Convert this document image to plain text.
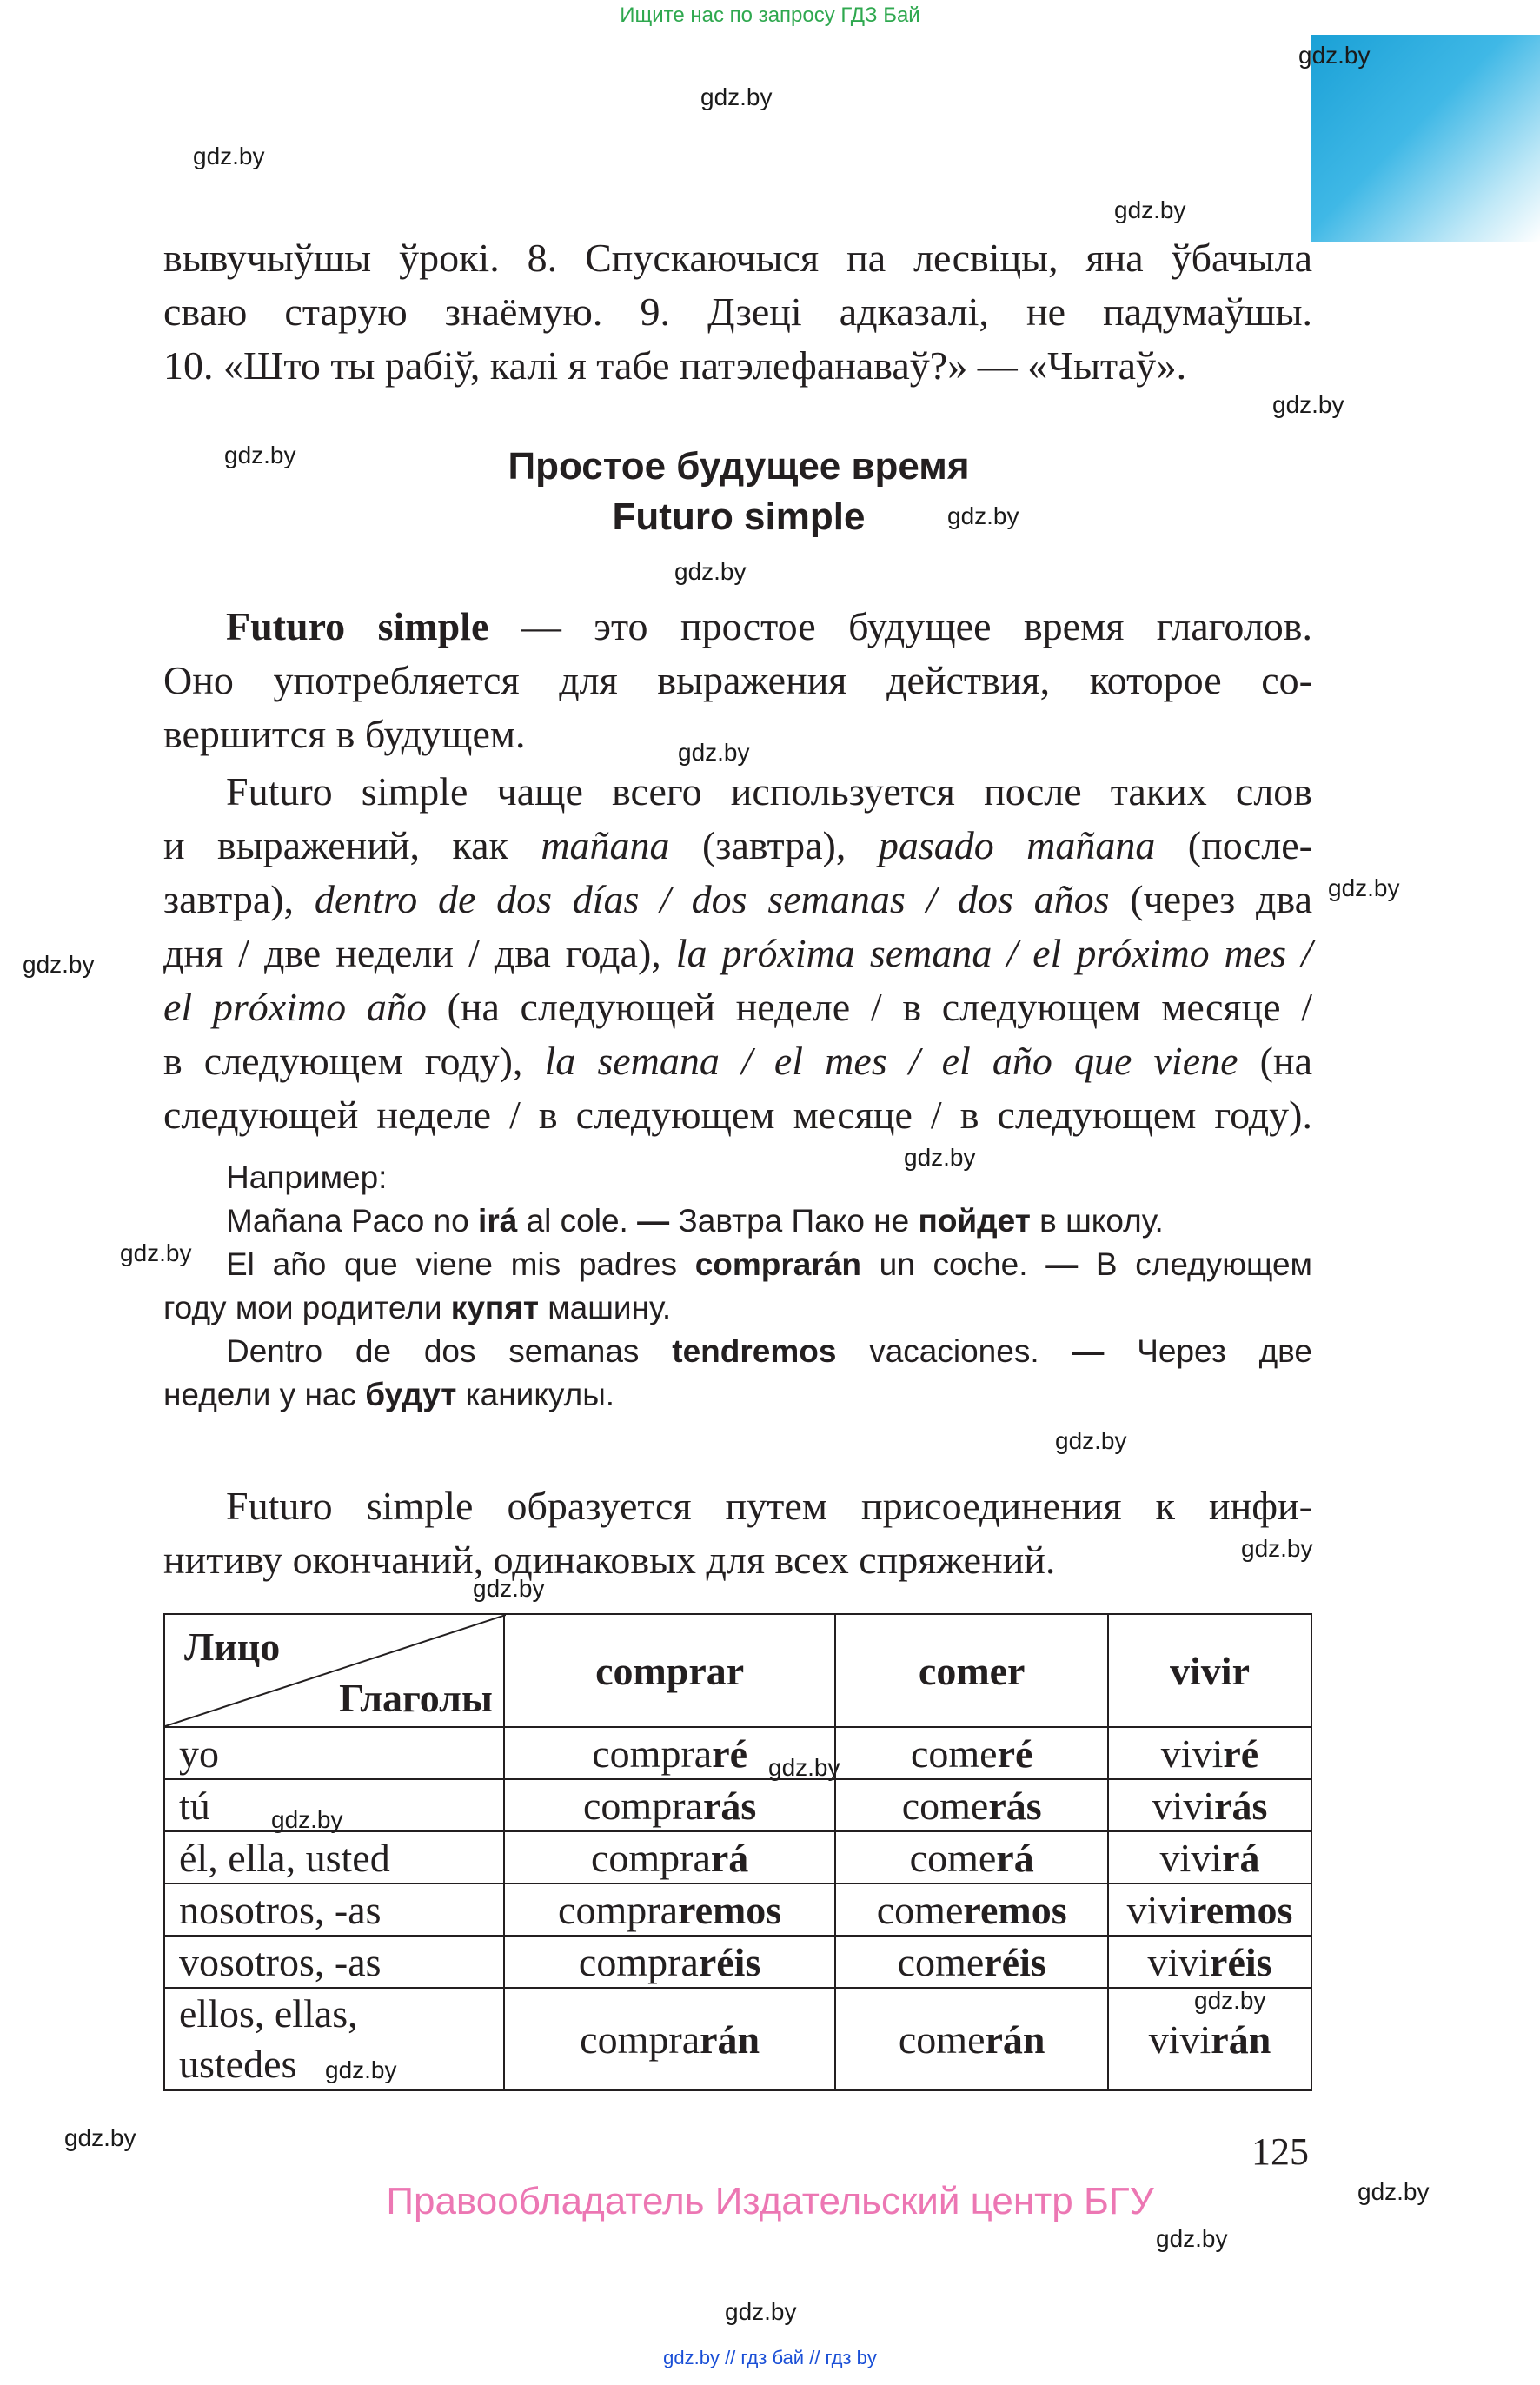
Ищите нас по запросу ГДЗ Бай
gdz.by
gdz.by
gdz.by
gdz.by
gdz.by
gdz.by
gdz.by
gdz.by
gdz.by
gdz.by
gdz.by
gdz.by
gdz.by
gdz.by
gdz.by
gdz.by
gdz.by
gdz.by
gdz.by
gdz.by
gdz.by
gdz.by
gdz.by
gdz.by
вывучыўшы ўрокі. 8. Спускаючыся па лесвіцы, яна ўбачыла
сваю старую знаёмую. 9. Дзеці адказалі, не падумаўшы.
10. «Што ты рабіў, калі я табе патэлефанаваў?» — «Чытаў».
Простое будущее время
Futuro simple
Futuro simple — это простое будущее время глаголов.
Оно употребляется для выражения действия, которое со-
вершится в будущем.
Futuro simple чаще всего используется после таких слов
и выражений, как mañana (завтра), pasado mañana (после-
завтра), dentro de dos días / dos semanas / dos años (через два
дня / две недели / два года), la próxima semana / el próximo mes /
el próximo año (на следующей неделе / в следующем месяце /
в следующем году), la semana / el mes / el año que viene (на
следующей неделе / в следующем месяце / в следующем году).
Например:
Mañana Paco no irá al cole. — Завтра Пако не пойдет в школу.
El año que viene mis padres comprarán un coche. — В следующем
году мои родители купят машину.
Dentro de dos semanas tendremos vacaciones. — Через две
недели у нас будут каникулы.
Futuro simple образуется путем присоединения к инфи-
нитиву окончаний, одинаковых для всех спряжений.
Лицо
Глаголы	comprar	comer	vivir
yo	compraré	comeré	viviré
tú	comprarás	comerás	vivirás
él, ella, usted	comprará	comerá	vivirá
nosotros, -as	compraremos	comeremos	viviremos
vosotros, -as	compraréis	comeréis	viviréis

ellos, ellas,
ustedes	comprarán	comerán	vivirán
125
Правообладатель Издательский центр БГУ
gdz.by // гдз бай // гдз by
